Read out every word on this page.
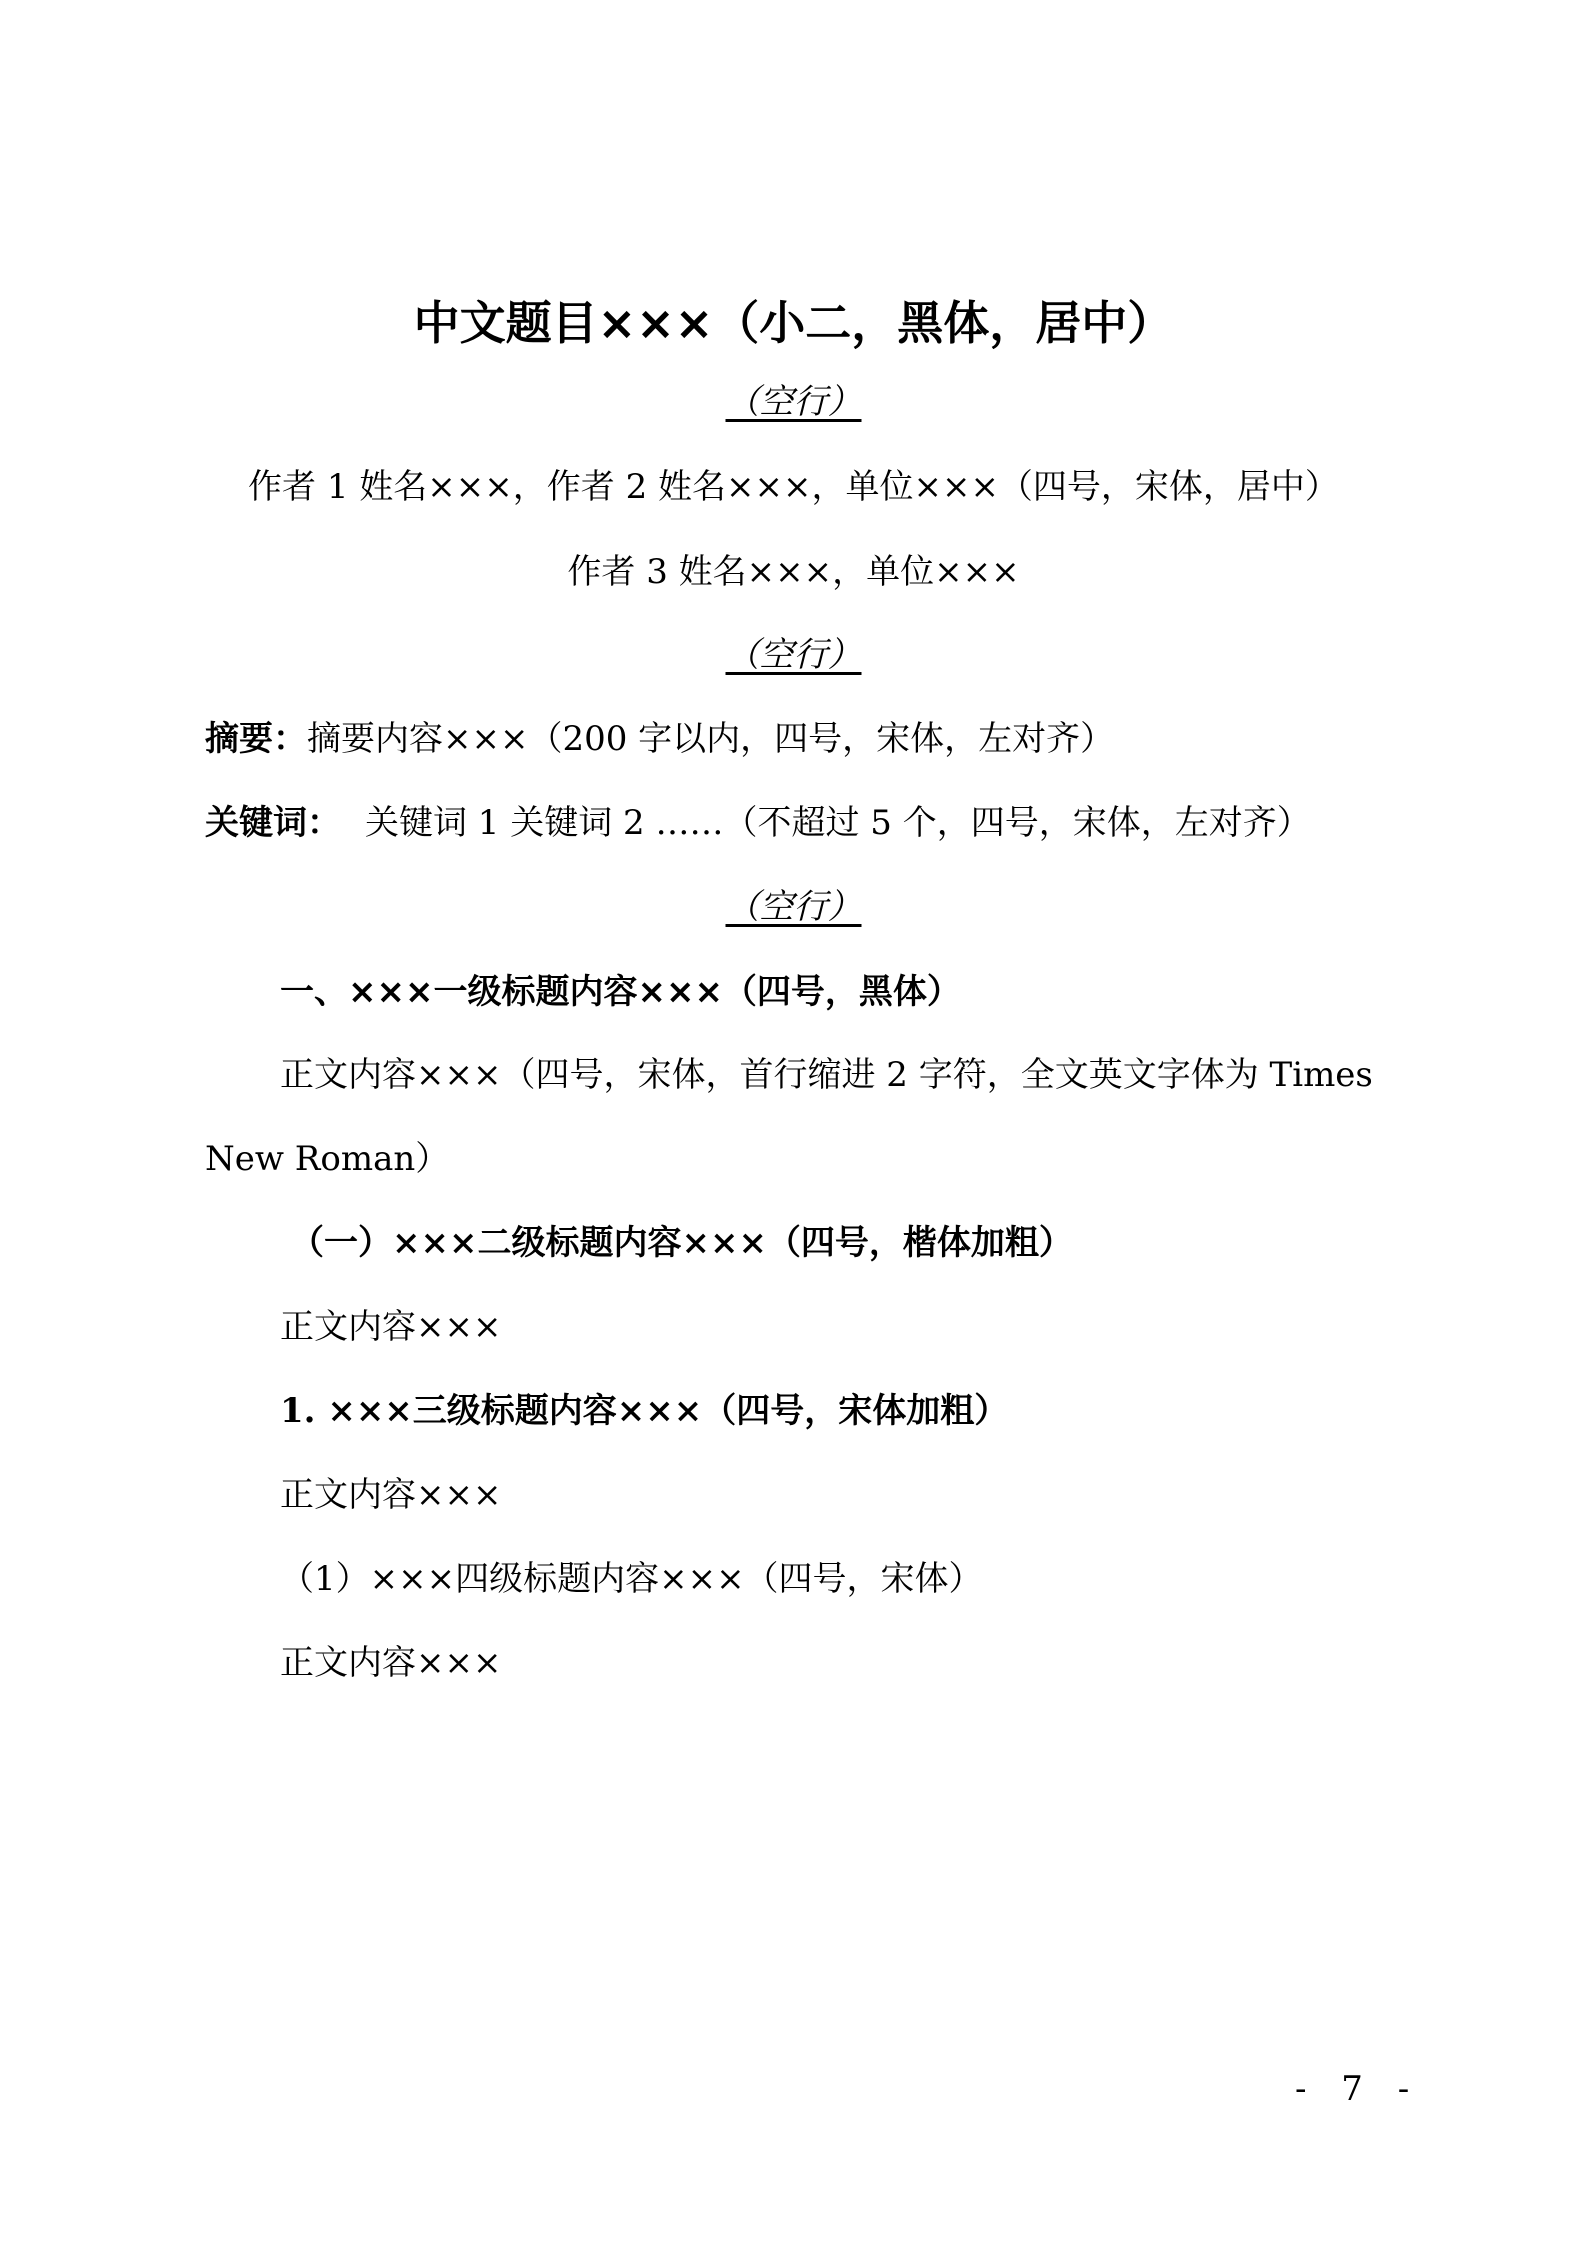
中文题目×××（小二，黑体，居中）
（空行）
作者 1 姓名×××，作者 2 姓名×××，单位×××（四号，宋体，居中）
作者 3 姓名×××，单位×××
（空行）
摘要：摘要内容×××（200 字以内，四号，宋体，左对齐）
关键词： 关键词 1 关键词 2 ……（不超过 5 个，四号，宋体，左对齐）
（空行）
一、×××一级标题内容×××（四号，黑体）
正文内容×××（四号，宋体，首行缩进 2 字符，全文英文字体为 Times
New Roman）
（一）×××二级标题内容×××（四号，楷体加粗）
正文内容×××
1. ×××三级标题内容×××（四号，宋体加粗）
正文内容×××
（1）×××四级标题内容×××（四号，宋体）
正文内容×××
- 7 -
